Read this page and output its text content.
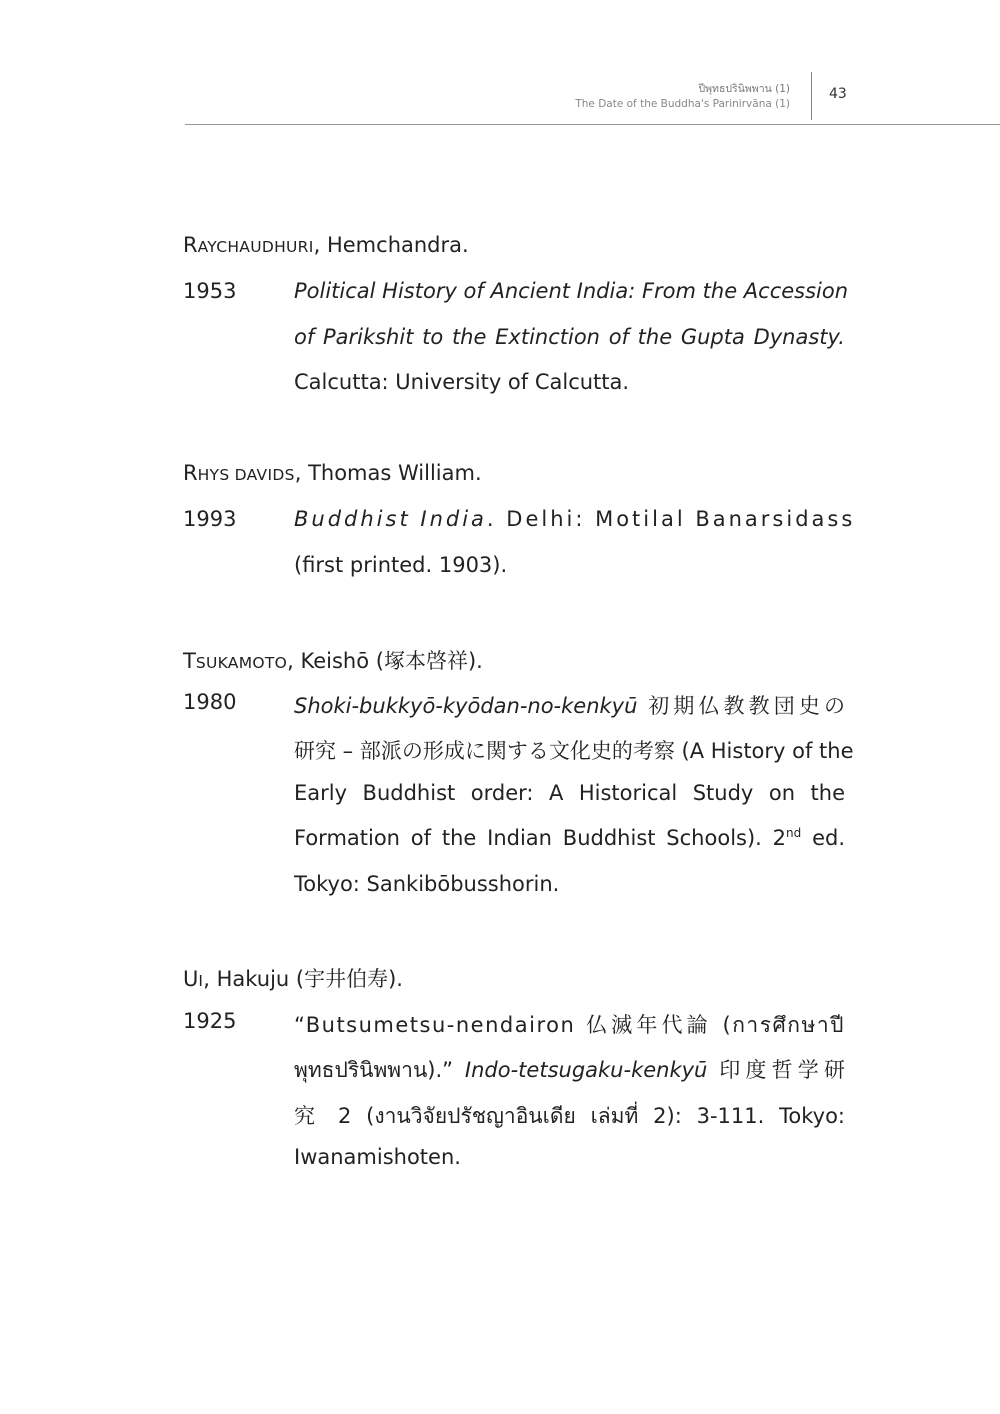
ปีพุทธปรินิพพาน (1)
The Date of the Buddha's Parinirvāna (1)
43
RAYCHAUDHURI, Hemchandra.
1953	Political History of Ancient India: From the Accession
of Parikshit to the Extinction of the Gupta Dynasty.
Calcutta: University of Calcutta.
RHYS DAVIDS, Thomas William.
1993	Buddhist India. Delhi: Motilal Banarsidass
(first printed. 1903).
TSUKAMOTO, Keishō (塚本啓祥).
1980	Shoki-bukkyō-kyōdan-no-kenkyū 初期仏教教団史の
研究 – 部派の形成に関する文化史的考察 (A History of the
Early Buddhist order: A Historical Study on the
Formation of the Indian Buddhist Schools). 2nd ed.
Tokyo: Sankibōbusshorin.
UI, Hakuju (宇井伯寿).
1925	“Butsumetsu-nendairon 仏滅年代論 (การศึกษาปี
พุทธปรินิพพาน).” Indo-tetsugaku-kenkyū 印度哲学研
究 2 (งานวิจัยปรัชญาอินเดีย เล่มที่ 2): 3-111. Tokyo:
Iwanamishoten.
